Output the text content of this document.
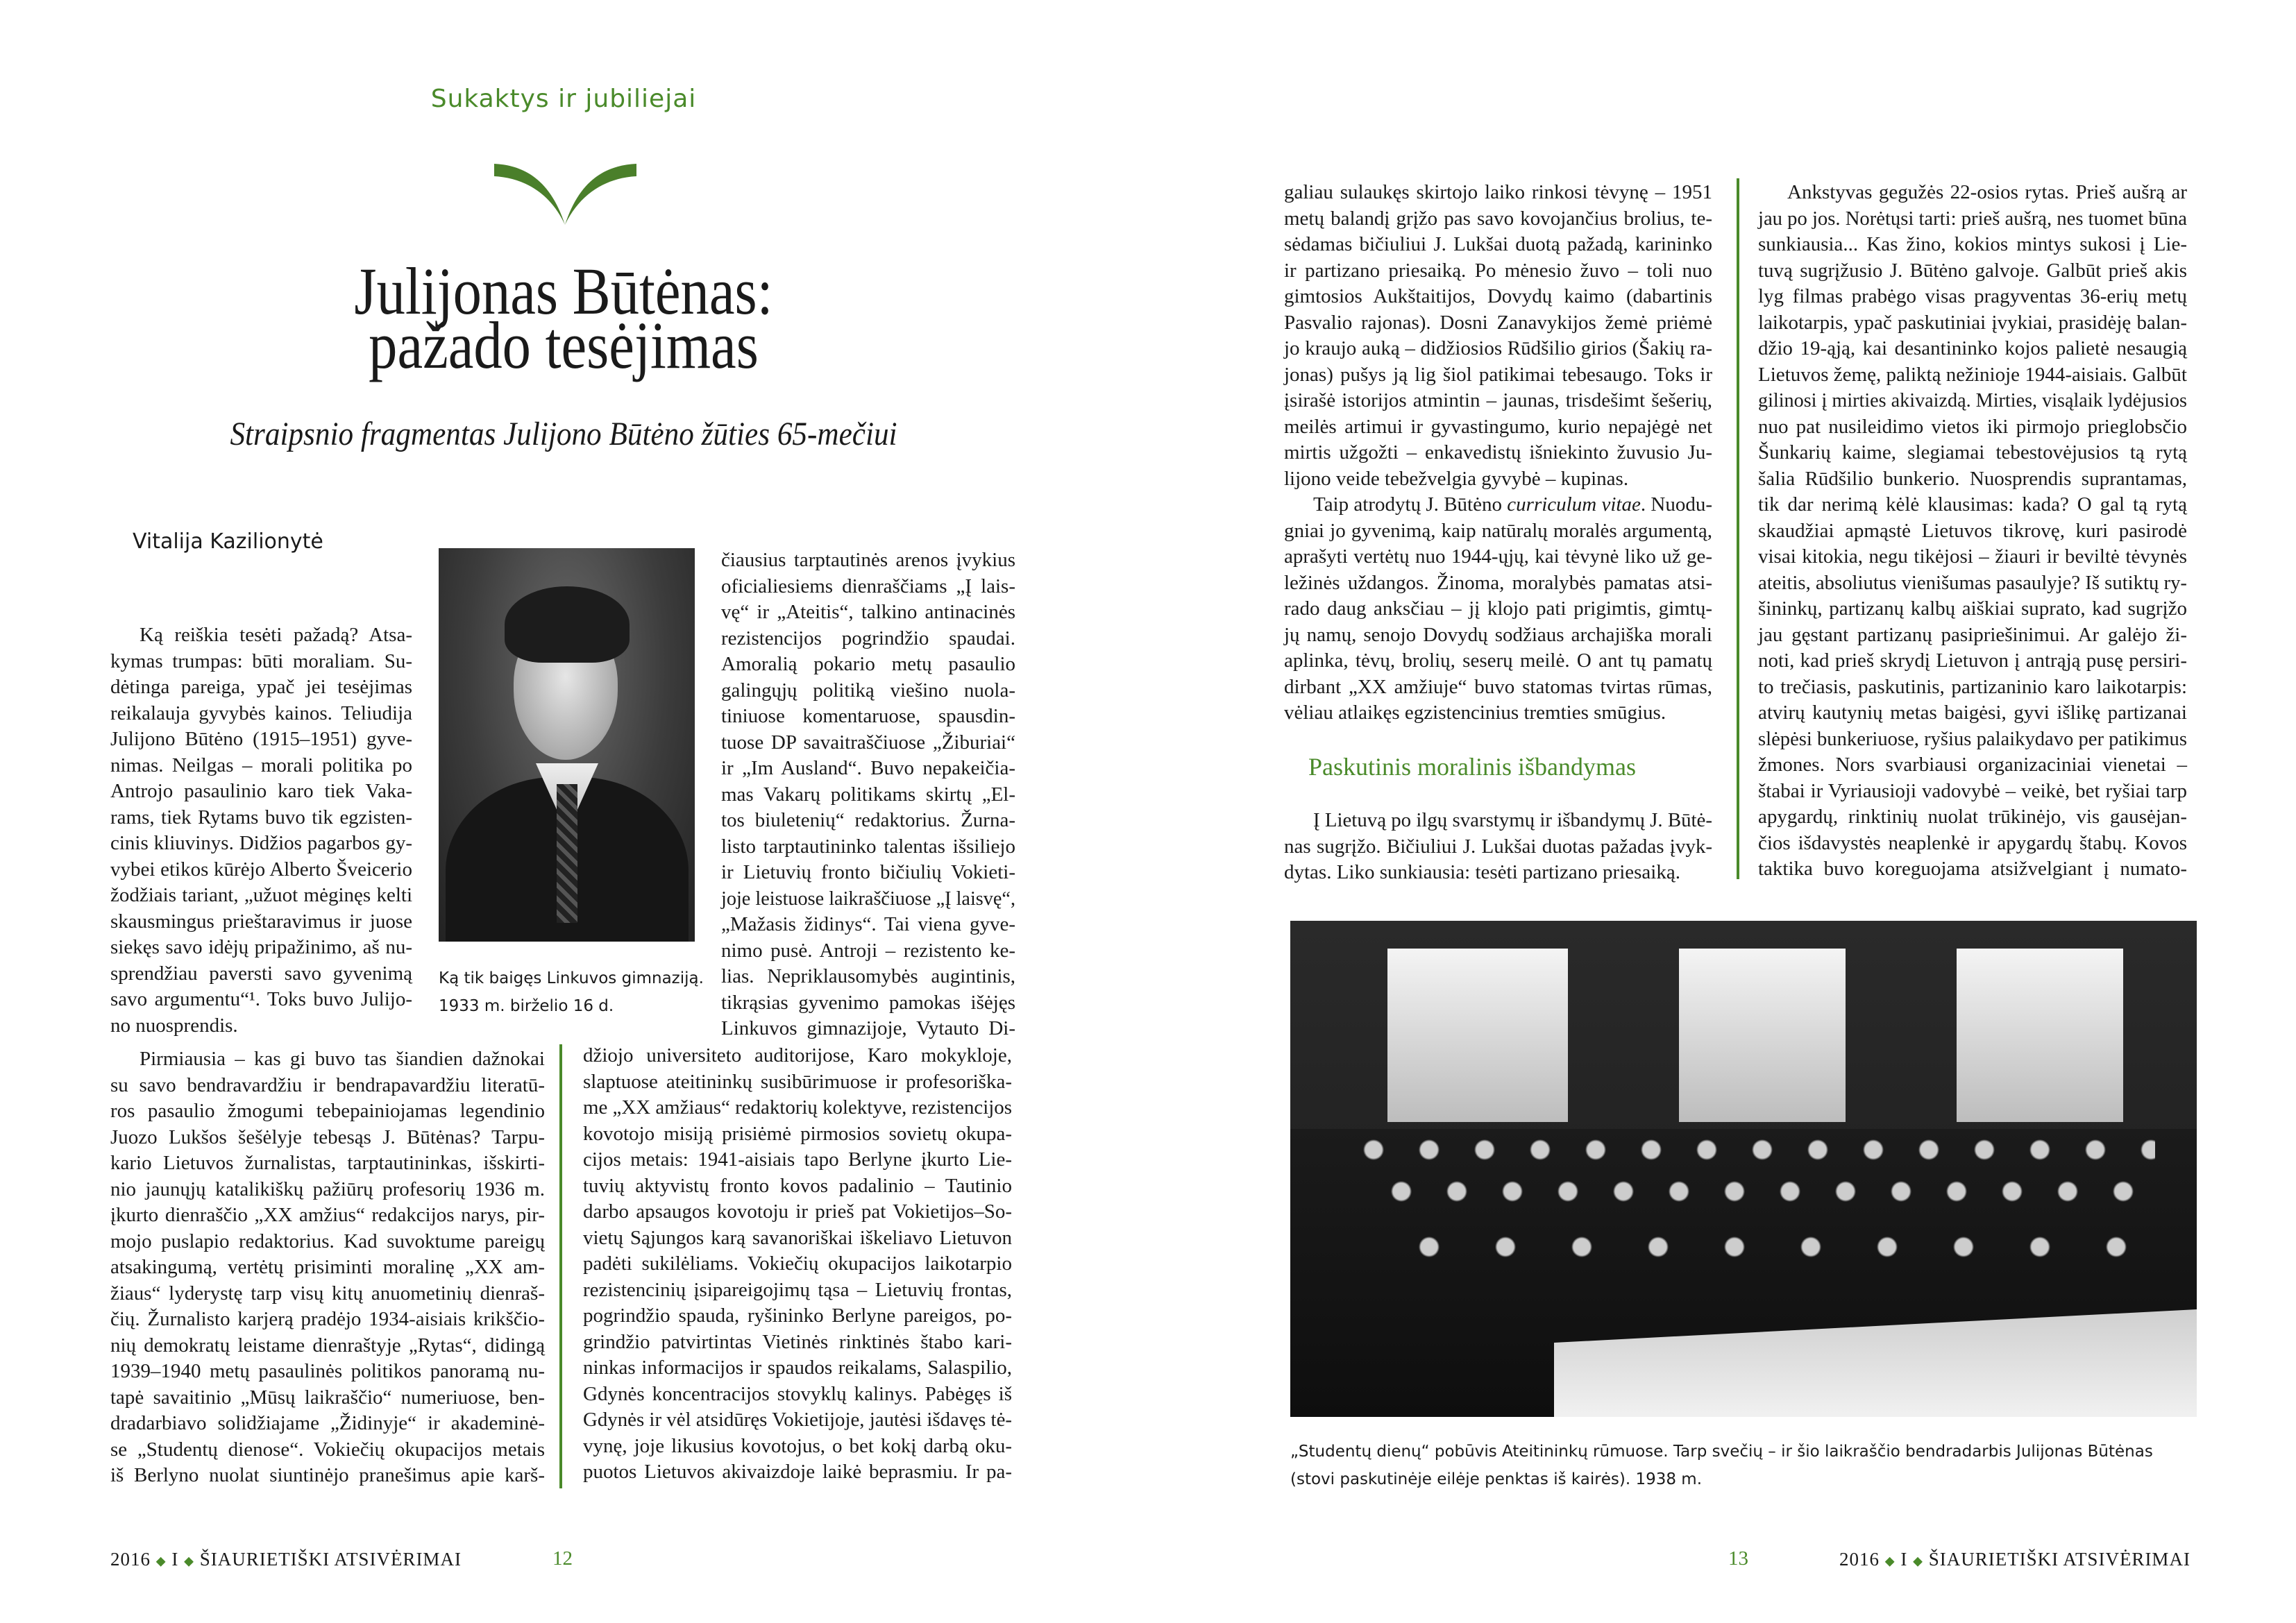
Sukaktys ir jubiliejai
Julijonas Būtėnas:
pažado tesėjimas
Straipsnio fragmentas Julijono Būtėno žūties 65-mečiui
Vitalija Kazilionytė
Ką tik baigęs Linkuvos gimnaziją.
1933 m. birželio 16 d.
Ką reiškia tesėti pažadą? Atsa-
kymas trumpas: būti moraliam. Su-
dėtinga pareiga, ypač jei tesėjimas
reikalauja gyvybės kainos. Teliudija
Julijono Būtėno (1915–1951) gyve-
nimas. Neilgas – morali politika po
Antrojo pasaulinio karo tiek Vaka-
rams, tiek Rytams buvo tik egzisten-
cinis kliuvinys. Didžios pagarbos gy-
vybei etikos kūrėjo Alberto Šveicerio
žodžiais tariant, „užuot mėginęs kelti
skausmingus prieštaravimus ir juose
siekęs savo idėjų pripažinimo, aš nu-
sprendžiau paversti savo gyvenimą
savo argumentu“¹. Toks buvo Julijo-
no nuosprendis.
Pirmiausia – kas gi buvo tas šiandien dažnokai
su savo bendravardžiu ir bendrapavardžiu literatū-
ros pasaulio žmogumi tebepainiojamas legendinio
Juozo Lukšos šešėlyje tebesąs J. Būtėnas? Tarpu-
kario Lietuvos žurnalistas, tarptautininkas, išskirti-
nio jaunųjų katalikiškų pažiūrų profesorių 1936 m.
įkurto dienraščio „XX amžius“ redakcijos narys, pir-
mojo puslapio redaktorius. Kad suvoktume pareigų
atsakingumą, vertėtų prisiminti moralinę „XX am-
žiaus“ lyderystę tarp visų kitų anuometinių dienraš-
čių. Žurnalisto karjerą pradėjo 1934-aisiais krikščio-
nių demokratų leistame dienraštyje „Rytas“, didingą
1939–1940 metų pasaulinės politikos panoramą nu-
tapė savaitinio „Mūsų laikraščio“ numeriuose, ben-
dradarbiavo solidžiajame „Židinyje“ ir akademinė-
se „Studentų dienose“. Vokiečių okupacijos metais
iš Berlyno nuolat siuntinėjo pranešimus apie karš-
čiausius tarptautinės arenos įvykius
oficialiesiems dienraščiams „Į lais-
vę“ ir „Ateitis“, talkino antinacinės
rezistencijos pogrindžio spaudai.
Amoralią pokario metų pasaulio
galingųjų politiką viešino nuola-
tiniuose komentaruose, spausdin-
tuose DP savaitraščiuose „Žiburiai“
ir „Im Ausland“. Buvo nepakeičia-
mas Vakarų politikams skirtų „El-
tos biuletenių“ redaktorius. Žurna-
listo tarptautininko talentas išsiliejo
ir Lietuvių fronto bičiulių Vokieti-
joje leistuose laikraščiuose „Į laisvę“,
„Mažasis židinys“. Tai viena gyve-
nimo pusė. Antroji – rezistento ke-
lias. Nepriklausomybės augintinis,
tikrąsias gyvenimo pamokas išėjęs
Linkuvos gimnazijoje, Vytauto Di-
džiojo universiteto auditorijose, Karo mokykloje,
slaptuose ateitininkų susibūrimuose ir profesoriška-
me „XX amžiaus“ redaktorių kolektyve, rezistencijos
kovotojo misiją prisiėmė pirmosios sovietų okupa-
cijos metais: 1941-aisiais tapo Berlyne įkurto Lie-
tuvių aktyvistų fronto kovos padalinio – Tautinio
darbo apsaugos kovotoju ir prieš pat Vokietijos–So-
vietų Sąjungos karą savanoriškai iškeliavo Lietuvon
padėti sukilėliams. Vokiečių okupacijos laikotarpio
rezistencinių įsipareigojimų tąsa – Lietuvių frontas,
pogrindžio spauda, ryšininko Berlyne pareigos, po-
grindžio patvirtintas Vietinės rinktinės štabo kari-
ninkas informacijos ir spaudos reikalams, Salaspilio,
Gdynės koncentracijos stovyklų kalinys. Pabėgęs iš
Gdynės ir vėl atsidūręs Vokietijoje, jautėsi išdavęs tė-
vynę, joje likusius kovotojus, o bet kokį darbą oku-
puotos Lietuvos akivaizdoje laikė beprasmiu. Ir pa-
2016 ◆ I ◆ ŠIAURIETIŠKI ATSIVĖRIMAI	12
galiau sulaukęs skirtojo laiko rinkosi tėvynę – 1951
metų balandį grįžo pas savo kovojančius brolius, te-
sėdamas bičiuliui J. Lukšai duotą pažadą, karininko
ir partizano priesaiką. Po mėnesio žuvo – toli nuo
gimtosios Aukštaitijos, Dovydų kaimo (dabartinis
Pasvalio rajonas). Dosni Zanavykijos žemė priėmė
jo kraujo auką – didžiosios Rūdšilio girios (Šakių ra-
jonas) pušys ją lig šiol patikimai tebesaugo. Toks ir
įsirašė istorijos atmintin – jaunas, trisdešimt šešerių,
meilės artimui ir gyvastingumo, kurio nepajėgė net
mirtis užgožti – enkavedistų išniekinto žuvusio Ju-
lijono veide tebežvelgia gyvybė – kupinas.
Taip atrodytų J. Būtėno curriculum vitae. Nuodu-
gniai jo gyvenimą, kaip natūralų moralės argumentą,
aprašyti vertėtų nuo 1944-ųjų, kai tėvynė liko už ge-
ležinės uždangos. Žinoma, moralybės pamatas atsi-
rado daug anksčiau – jį klojo pati prigimtis, gimtų-
jų namų, senojo Dovydų sodžiaus archajiška morali
aplinka, tėvų, brolių, seserų meilė. O ant tų pamatų
dirbant „XX amžiuje“ buvo statomas tvirtas rūmas,
vėliau atlaikęs egzistencinius tremties smūgius.
Paskutinis moralinis išbandymas
Į Lietuvą po ilgų svarstymų ir išbandymų J. Būtė-
nas sugrįžo. Bičiuliui J. Lukšai duotas pažadas įvyk-
dytas. Liko sunkiausia: tesėti partizano priesaiką.
Ankstyvas gegužės 22-osios rytas. Prieš aušrą ar
jau po jos. Norėtųsi tarti: prieš aušrą, nes tuomet būna
sunkiausia... Kas žino, kokios mintys sukosi į Lie-
tuvą sugrįžusio J. Būtėno galvoje. Galbūt prieš akis
lyg filmas prabėgo visas pragyventas 36-erių metų
laikotarpis, ypač paskutiniai įvykiai, prasidėję balan-
džio 19-ąją, kai desantininko kojos palietė nesaugią
Lietuvos žemę, paliktą nežinioje 1944-aisiais. Galbūt
gilinosi į mirties akivaizdą. Mirties, visąlaik lydėjusios
nuo pat nusileidimo vietos iki pirmojo prieglobsčio
Šunkarių kaime, slegiamai tebestovėjusios tą rytą
šalia Rūdšilio bunkerio. Nuosprendis suprantamas,
tik dar nerimą kėlė klausimas: kada? O gal tą rytą
skaudžiai apmąstė Lietuvos tikrovę, kuri pasirodė
visai kitokia, negu tikėjosi – žiauri ir beviltė tėvynės
ateitis, absoliutus vienišumas pasaulyje? Iš sutiktų ry-
šininkų, partizanų kalbų aiškiai suprato, kad sugrįžo
jau gęstant partizanų pasipriešinimui. Ar galėjo ži-
noti, kad prieš skrydį Lietuvon į antrąją pusę persiri-
to trečiasis, paskutinis, partizaninio karo laikotarpis:
atvirų kautynių metas baigėsi, gyvi išlikę partizanai
slėpėsi bunkeriuose, ryšius palaikydavo per patikimus
žmones. Nors svarbiausi organizaciniai vienetai –
štabai ir Vyriausioji vadovybė – veikė, bet ryšiai tarp
apygardų, rinktinių nuolat trūkinėjo, vis gausėjan-
čios išdavystės neaplenkė ir apygardų štabų. Kovos
taktika buvo koreguojama atsižvelgiant į numato-
„Studentų dienų“ pobūvis Ateitininkų rūmuose. Tarp svečių – ir šio laikraščio bendradarbis Julijonas Būtėnas
(stovi paskutinėje eilėje penktas iš kairės). 1938 m.
13	2016 ◆ I ◆ ŠIAURIETIŠKI ATSIVĖRIMAI
